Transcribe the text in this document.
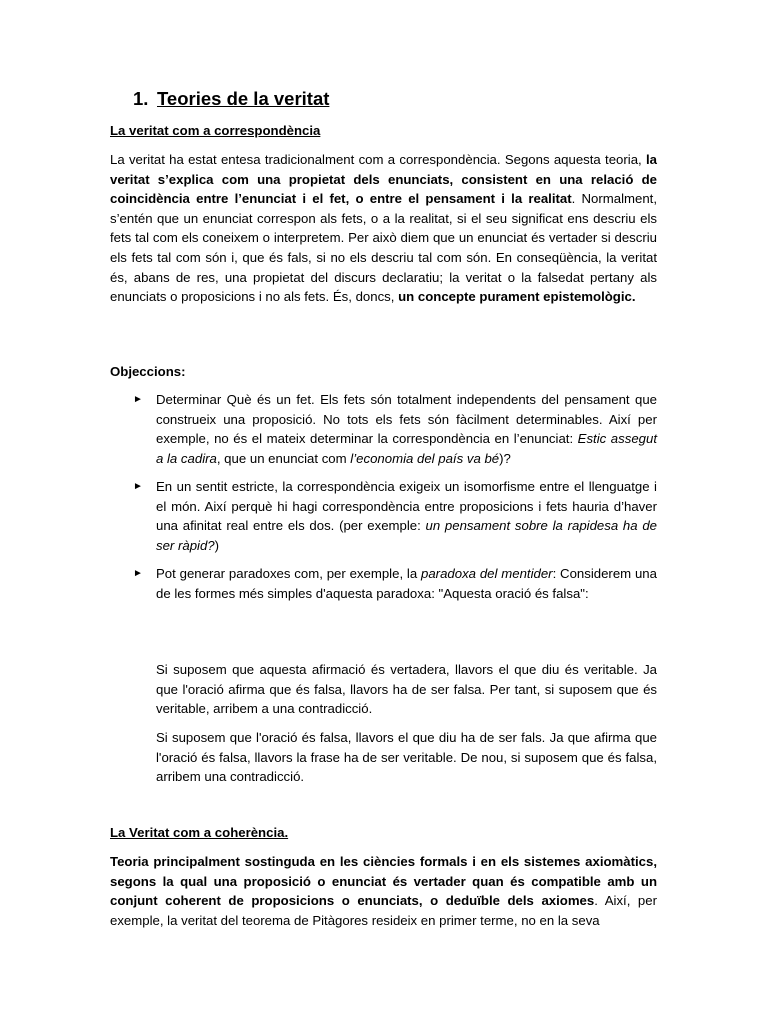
1. Teories de la veritat
La veritat com a correspondència

La veritat ha estat entesa tradicionalment com a correspondència. Segons aquesta teoria, la veritat s’explica com una propietat dels enunciats, consistent en una relació de coincidència entre l’enunciat i el fet, o entre el pensament i la realitat. Normalment, s’entén que un enunciat correspon als fets, o a la realitat, si el seu significat ens descriu els fets tal com els coneixem o interpretem. Per això diem que un enunciat és vertader si descriu els fets tal com són i, que és fals, si no els descriu tal com són. En conseqüència, la veritat és, abans de res, una propietat del discurs declaratiu; la veritat o la falsedat pertany als enunciats o proposicions i no als fets. És, doncs, un concepte purament epistemològic.

Objeccions:
► Determinar Què és un fet. Els fets són totalment independents del pensament que construeix una proposició. No tots els fets són fàcilment determinables. Així per exemple, no és el mateix determinar la correspondència en l’enunciat: Estic assegut a la cadira, que un enunciat com l’economia del país va bé)?
► En un sentit estricte, la correspondència exigeix un isomorfisme entre el llenguatge i el món. Així perquè hi hagi correspondència entre proposicions i fets hauria d’haver una afinitat real entre els dos. (per exemple: un pensament sobre la rapidesa ha de ser ràpid?)
► Pot generar paradoxes com, per exemple, la paradoxa del mentider: Considerem una de les formes més simples d'aquesta paradoxa: "Aquesta oració és falsa":

Si suposem que aquesta afirmació és vertadera, llavors el que diu és veritable. Ja que l'oració afirma que és falsa, llavors ha de ser falsa. Per tant, si suposem que és veritable, arribem a una contradicció.

Si suposem que l'oració és falsa, llavors el que diu ha de ser fals. Ja que afirma que l'oració és falsa, llavors la frase ha de ser veritable. De nou, si suposem que és falsa, arribem una contradicció.

La Veritat com a coherència.

Teoria principalment sostinguda en les ciències formals i en els sistemes axiomàtics, segons la qual una proposició o enunciat és vertader quan és compatible amb un conjunt coherent de proposicions o enunciats, o deduïble dels axiomes. Així, per exemple, la veritat del teorema de Pitàgores resideix en primer terme, no en la seva
